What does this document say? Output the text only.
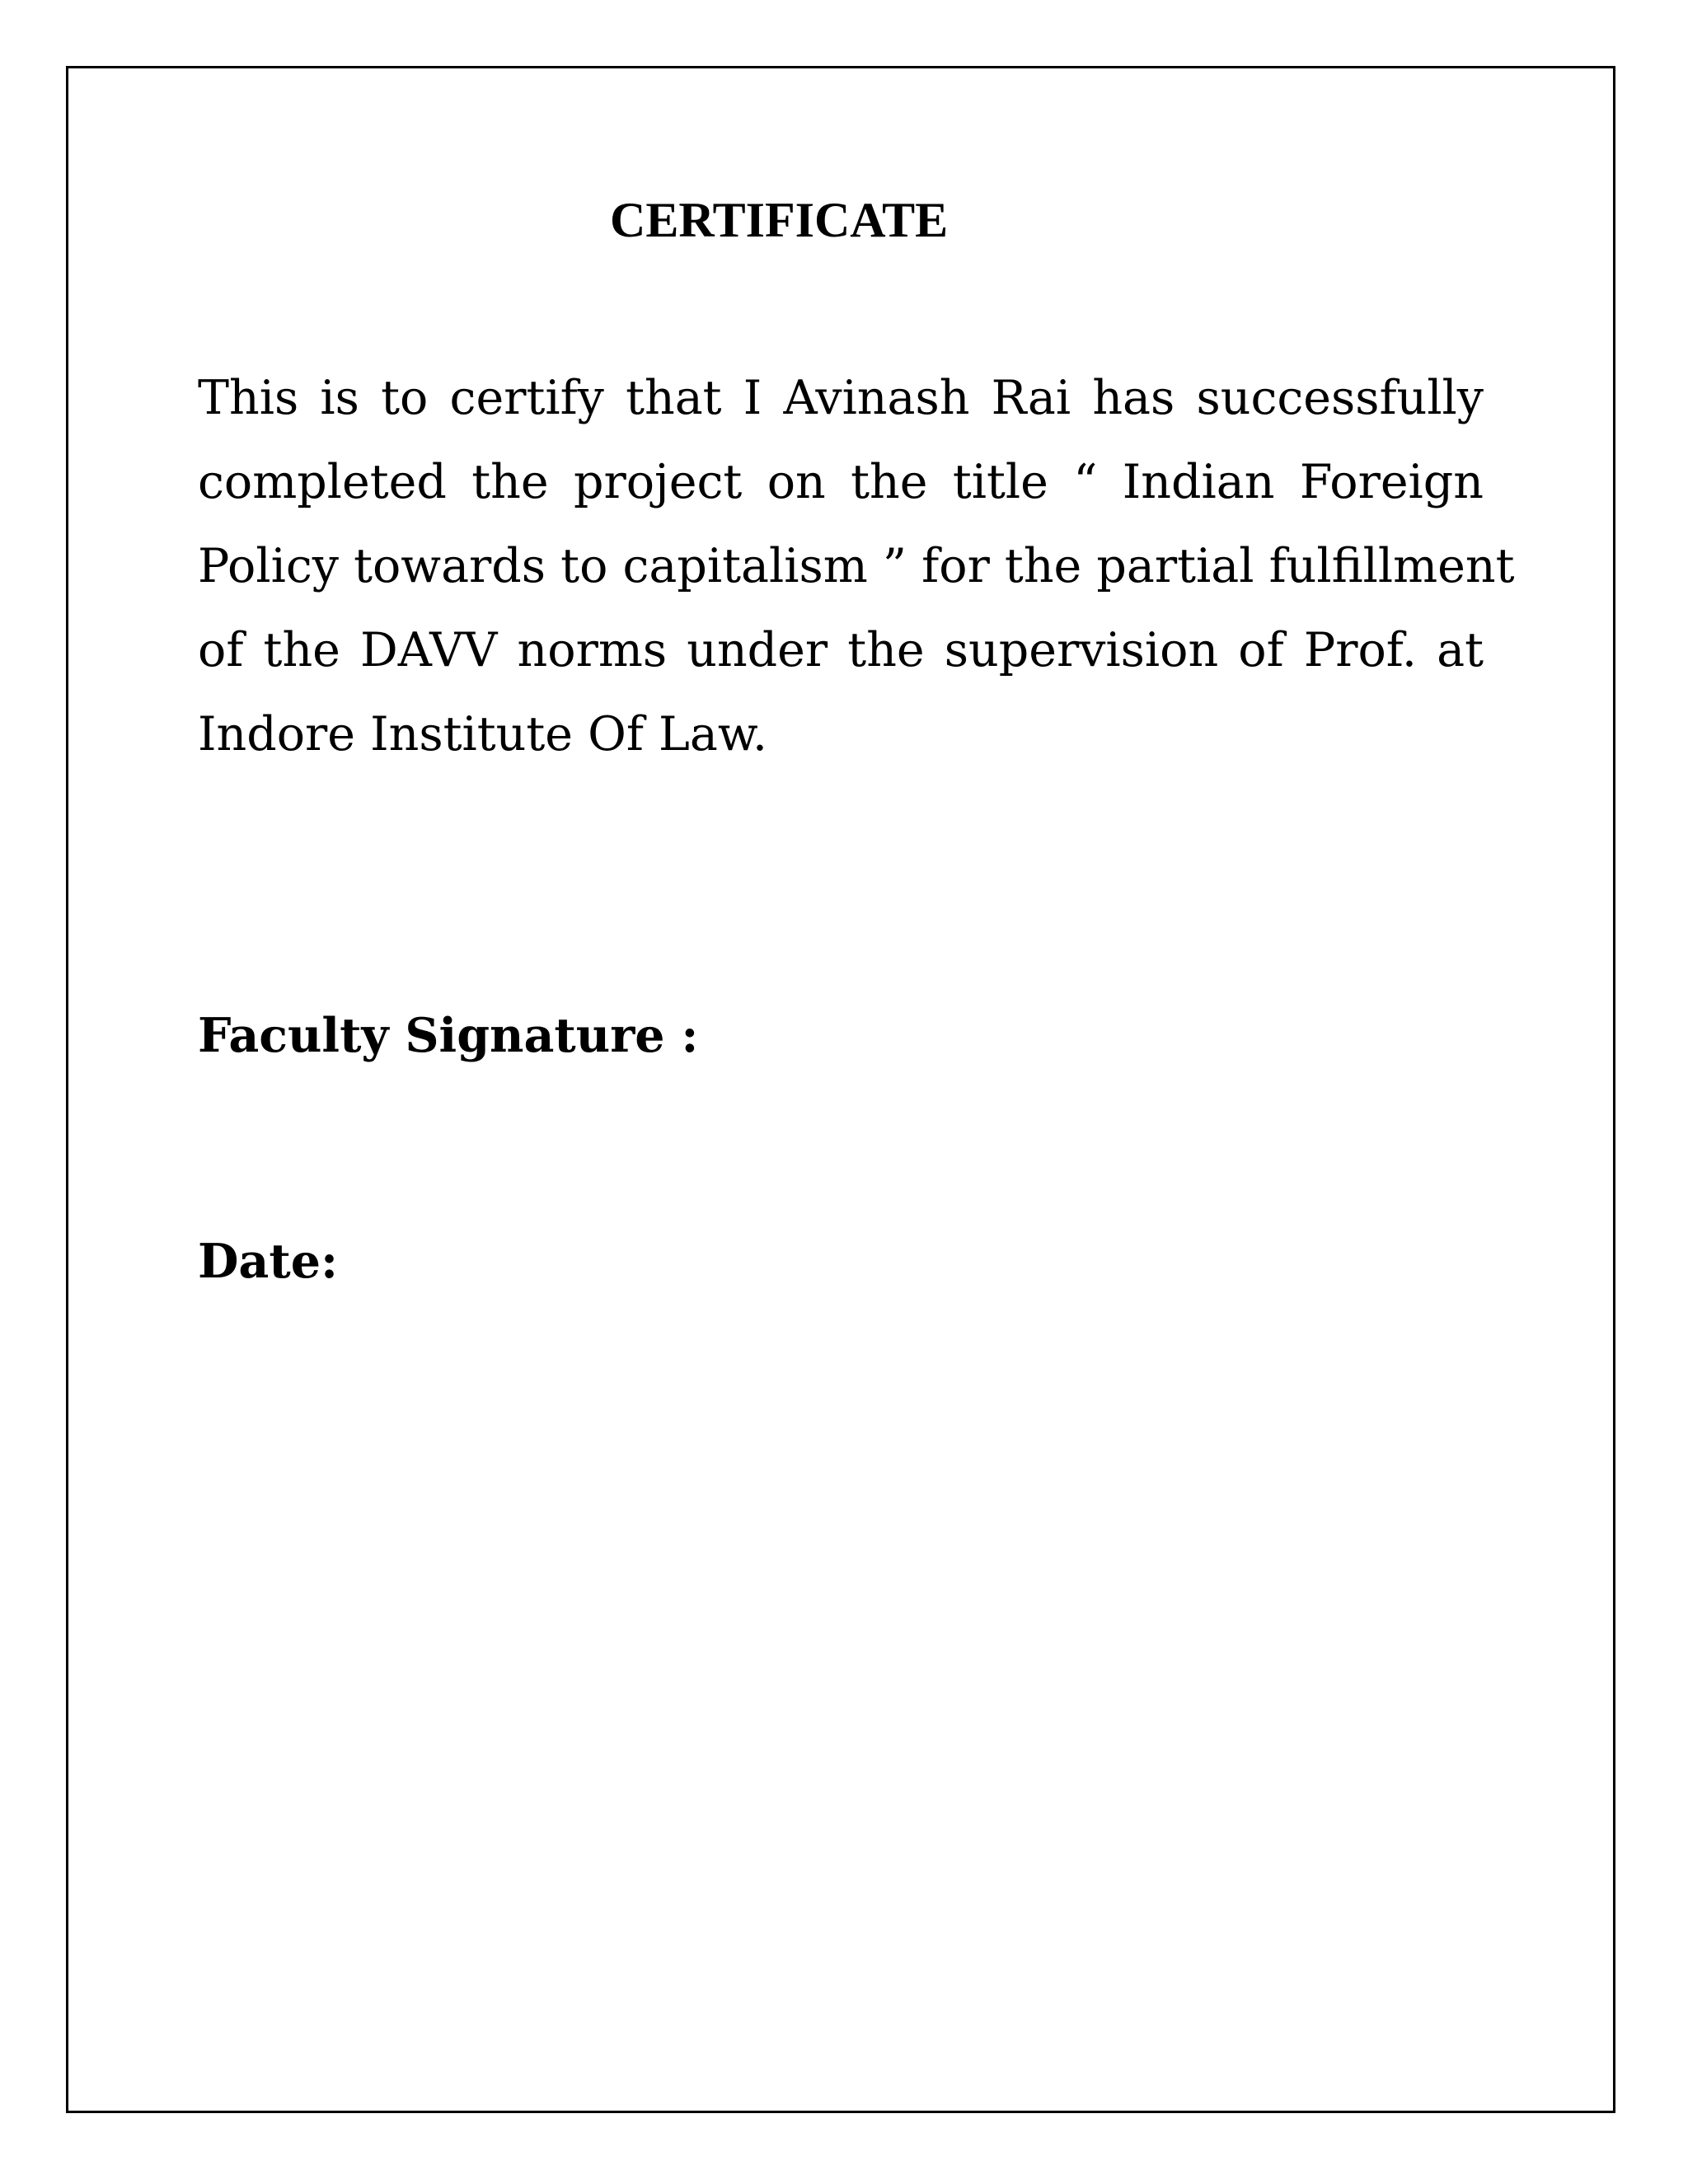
CERTIFICATE
This is to certify that I Avinash Rai has successfully
completed the project on the title “ Indian Foreign
Policy towards to capitalism ” for the partial fulfillment
of the DAVV norms under the supervision of Prof. at
Indore Institute Of Law.

Faculty Signature :

Date:
